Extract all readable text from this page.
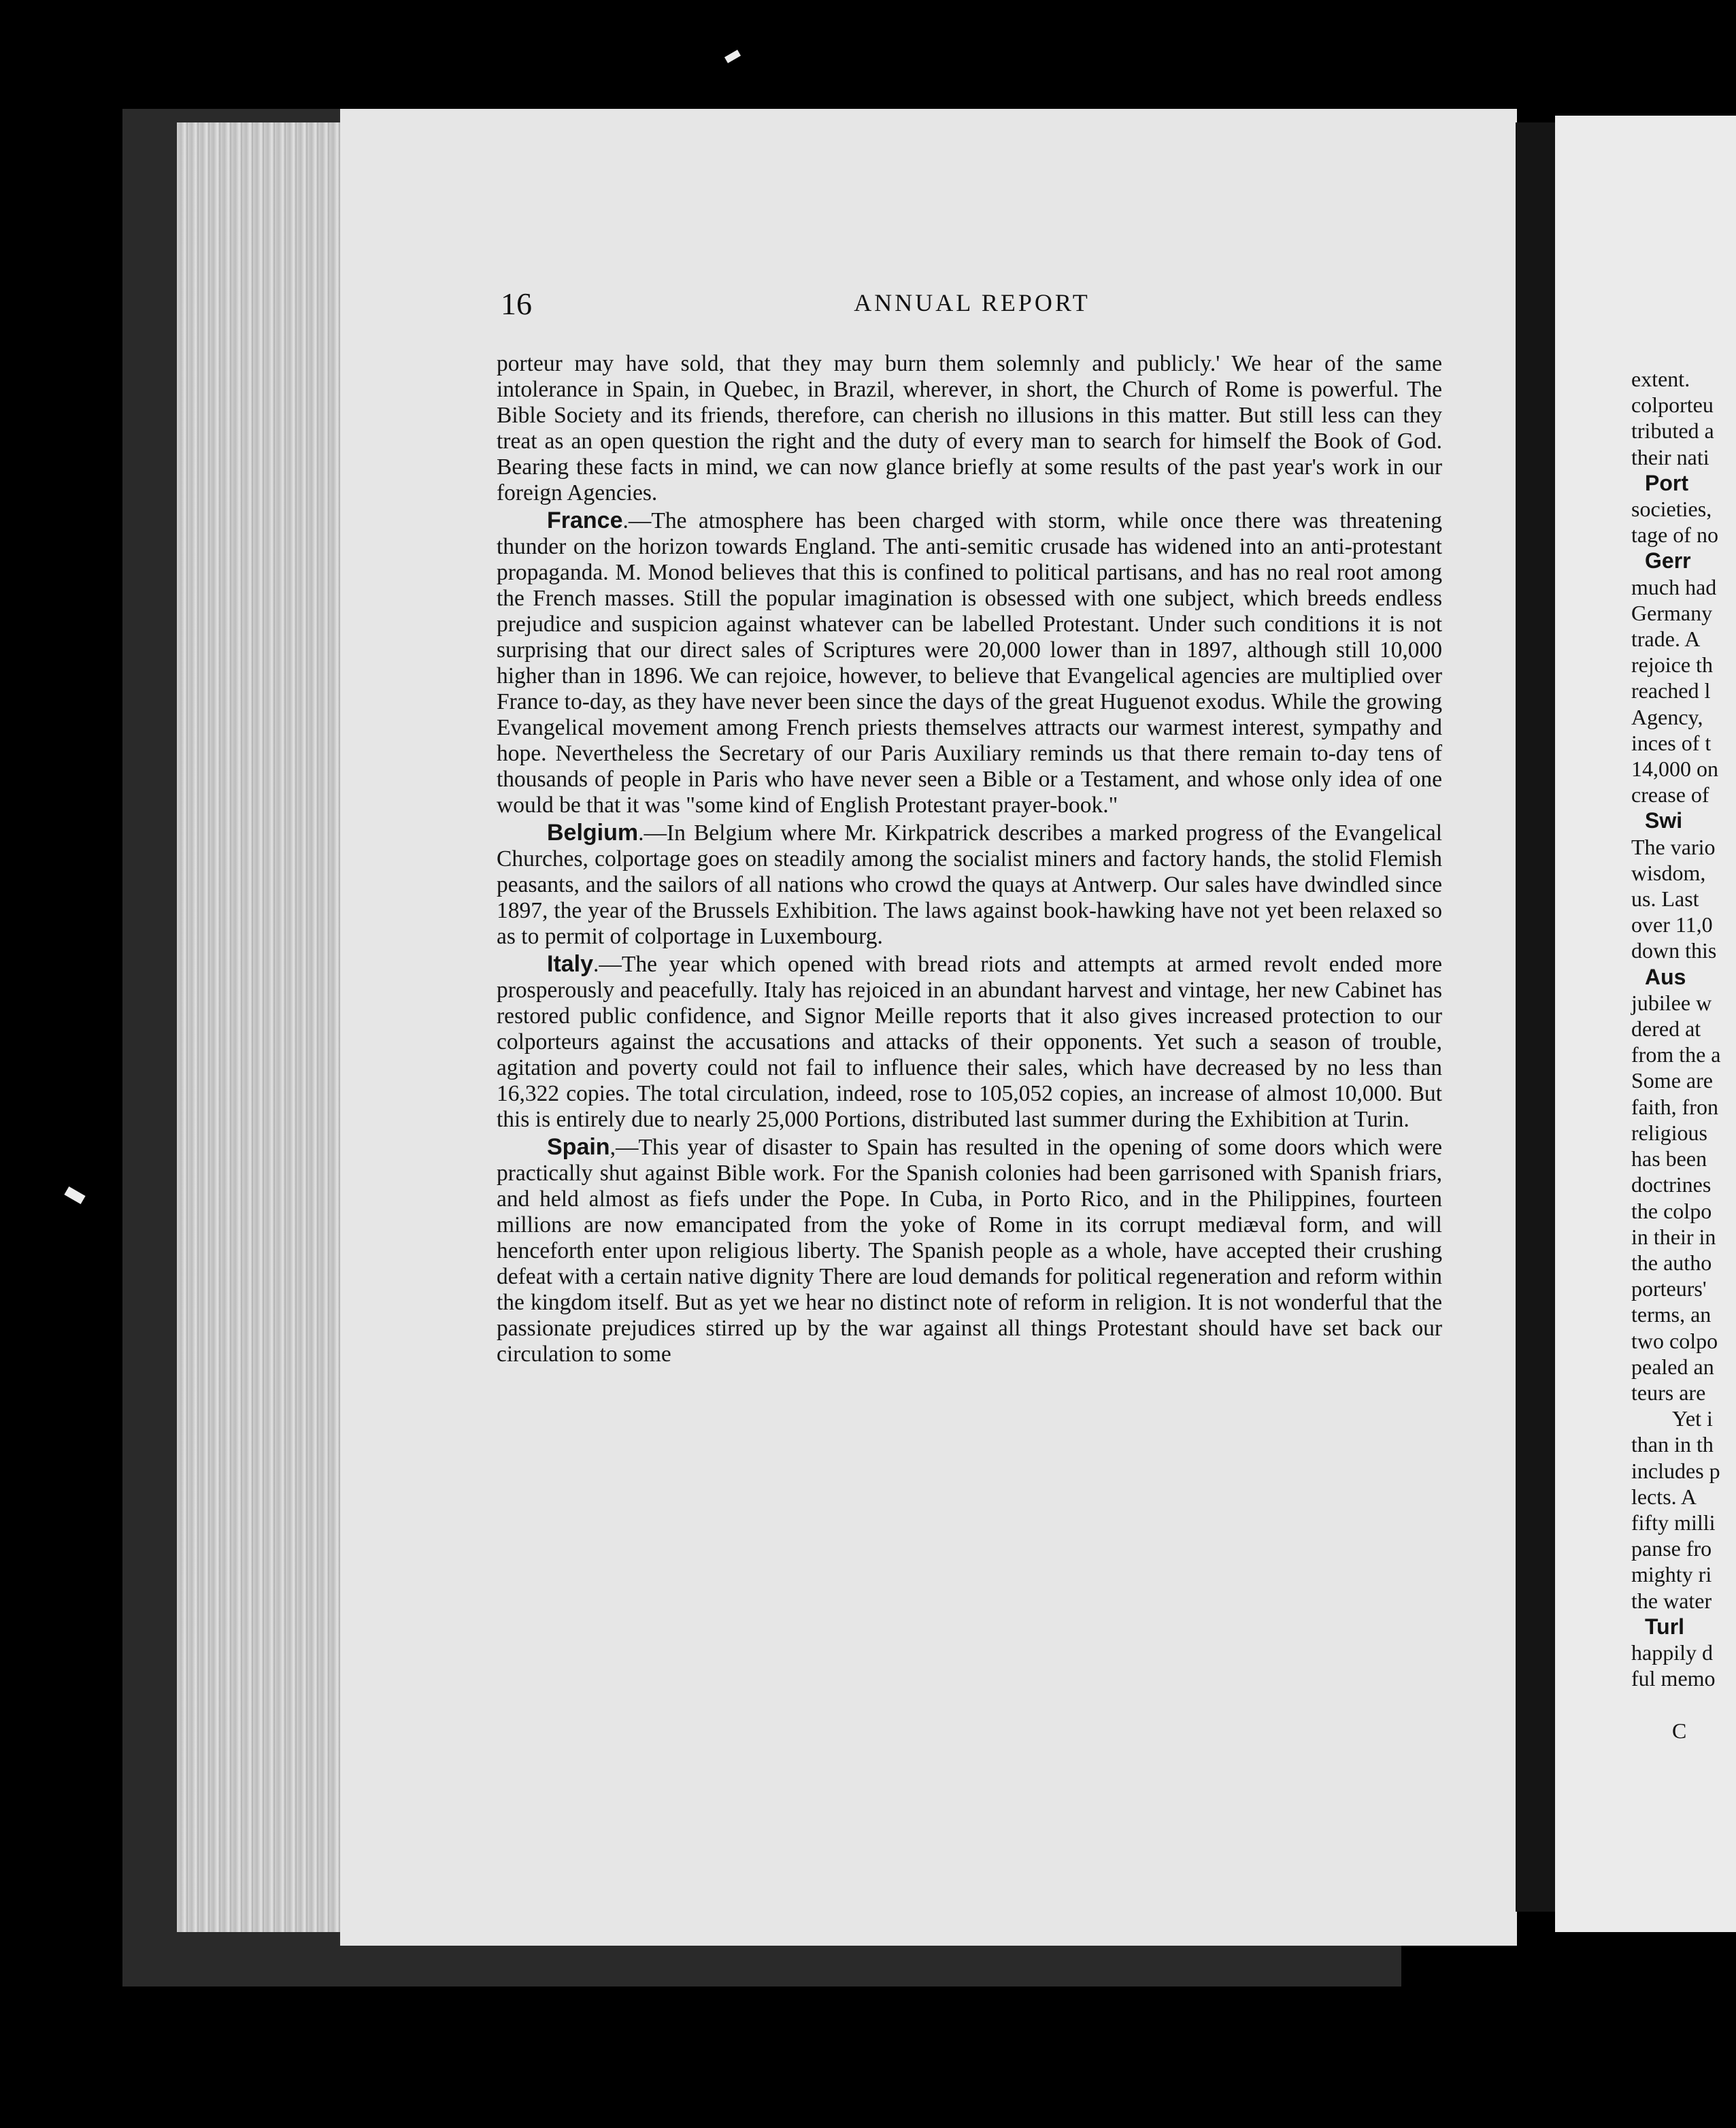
16	ANNUAL REPORT

porteur may have sold, that they may burn them solemnly and publicly.' We hear of the same intolerance in Spain, in Quebec, in Brazil, wherever, in short, the Church of Rome is powerful. The Bible Society and its friends, therefore, can cherish no illusions in this matter. But still less can they treat as an open question the right and the duty of every man to search for himself the Book of God. Bearing these facts in mind, we can now glance briefly at some results of the past year's work in our foreign Agencies.

France.—The atmosphere has been charged with storm, while once there was threatening thunder on the horizon towards England. The anti-semitic crusade has widened into an anti-protestant propaganda. M. Monod believes that this is confined to political partisans, and has no real root among the French masses. Still the popular imagination is obsessed with one subject, which breeds endless prejudice and suspicion against whatever can be labelled Protestant. Under such conditions it is not surprising that our direct sales of Scriptures were 20,000 lower than in 1897, although still 10,000 higher than in 1896. We can rejoice, however, to believe that Evangelical agencies are multiplied over France to-day, as they have never been since the days of the great Huguenot exodus. While the growing Evangelical movement among French priests themselves attracts our warmest interest, sympathy and hope. Nevertheless the Secretary of our Paris Auxiliary reminds us that there remain to-day tens of thousands of people in Paris who have never seen a Bible or a Testament, and whose only idea of one would be that it was "some kind of English Protestant prayer-book."

Belgium.—In Belgium where Mr. Kirkpatrick describes a marked progress of the Evangelical Churches, colportage goes on steadily among the socialist miners and factory hands, the stolid Flemish peasants, and the sailors of all nations who crowd the quays at Antwerp. Our sales have dwindled since 1897, the year of the Brussels Exhibition. The laws against book-hawking have not yet been relaxed so as to permit of colportage in Luxembourg.

Italy.—The year which opened with bread riots and attempts at armed revolt ended more prosperously and peacefully. Italy has rejoiced in an abundant harvest and vintage, her new Cabinet has restored public confidence, and Signor Meille reports that it also gives increased protection to our colporteurs against the accusations and attacks of their opponents. Yet such a season of trouble, agitation and poverty could not fail to influence their sales, which have decreased by no less than 16,322 copies. The total circulation, indeed, rose to 105,052 copies, an increase of almost 10,000. But this is entirely due to nearly 25,000 Portions, distributed last summer during the Exhibition at Turin.

Spain,—This year of disaster to Spain has resulted in the opening of some doors which were practically shut against Bible work. For the Spanish colonies had been garrisoned with Spanish friars, and held almost as fiefs under the Pope. In Cuba, in Porto Rico, and in the Philippines, fourteen millions are now emancipated from the yoke of Rome in its corrupt mediæval form, and will henceforth enter upon religious liberty. The Spanish people as a whole, have accepted their crushing defeat with a certain native dignity There are loud demands for political regeneration and reform within the kingdom itself. But as yet we hear no distinct note of reform in religion. It is not wonderful that the passionate prejudices stirred up by the war against all things Protestant should have set back our circulation to some

extent.
colporteu
tributed a
their nati
Port
societies,
tage of no
Gerr
much had
Germany
trade. A
rejoice th
reached l
Agency,
inces of t
14,000 on
crease of
Swi
The vario
wisdom,
us. Last
over 11,0
down this
Aus
jubilee w
dered at
from the a
Some are
faith, fron
religious
has been
doctrines
the colpo
in their in
the autho
porteurs'
terms, an
two colpo
pealed an
teurs are
Yet i
than in th
includes p
lects. A
fifty milli
panse fro
mighty ri
the water
Turl
happily d
ful memo

C
